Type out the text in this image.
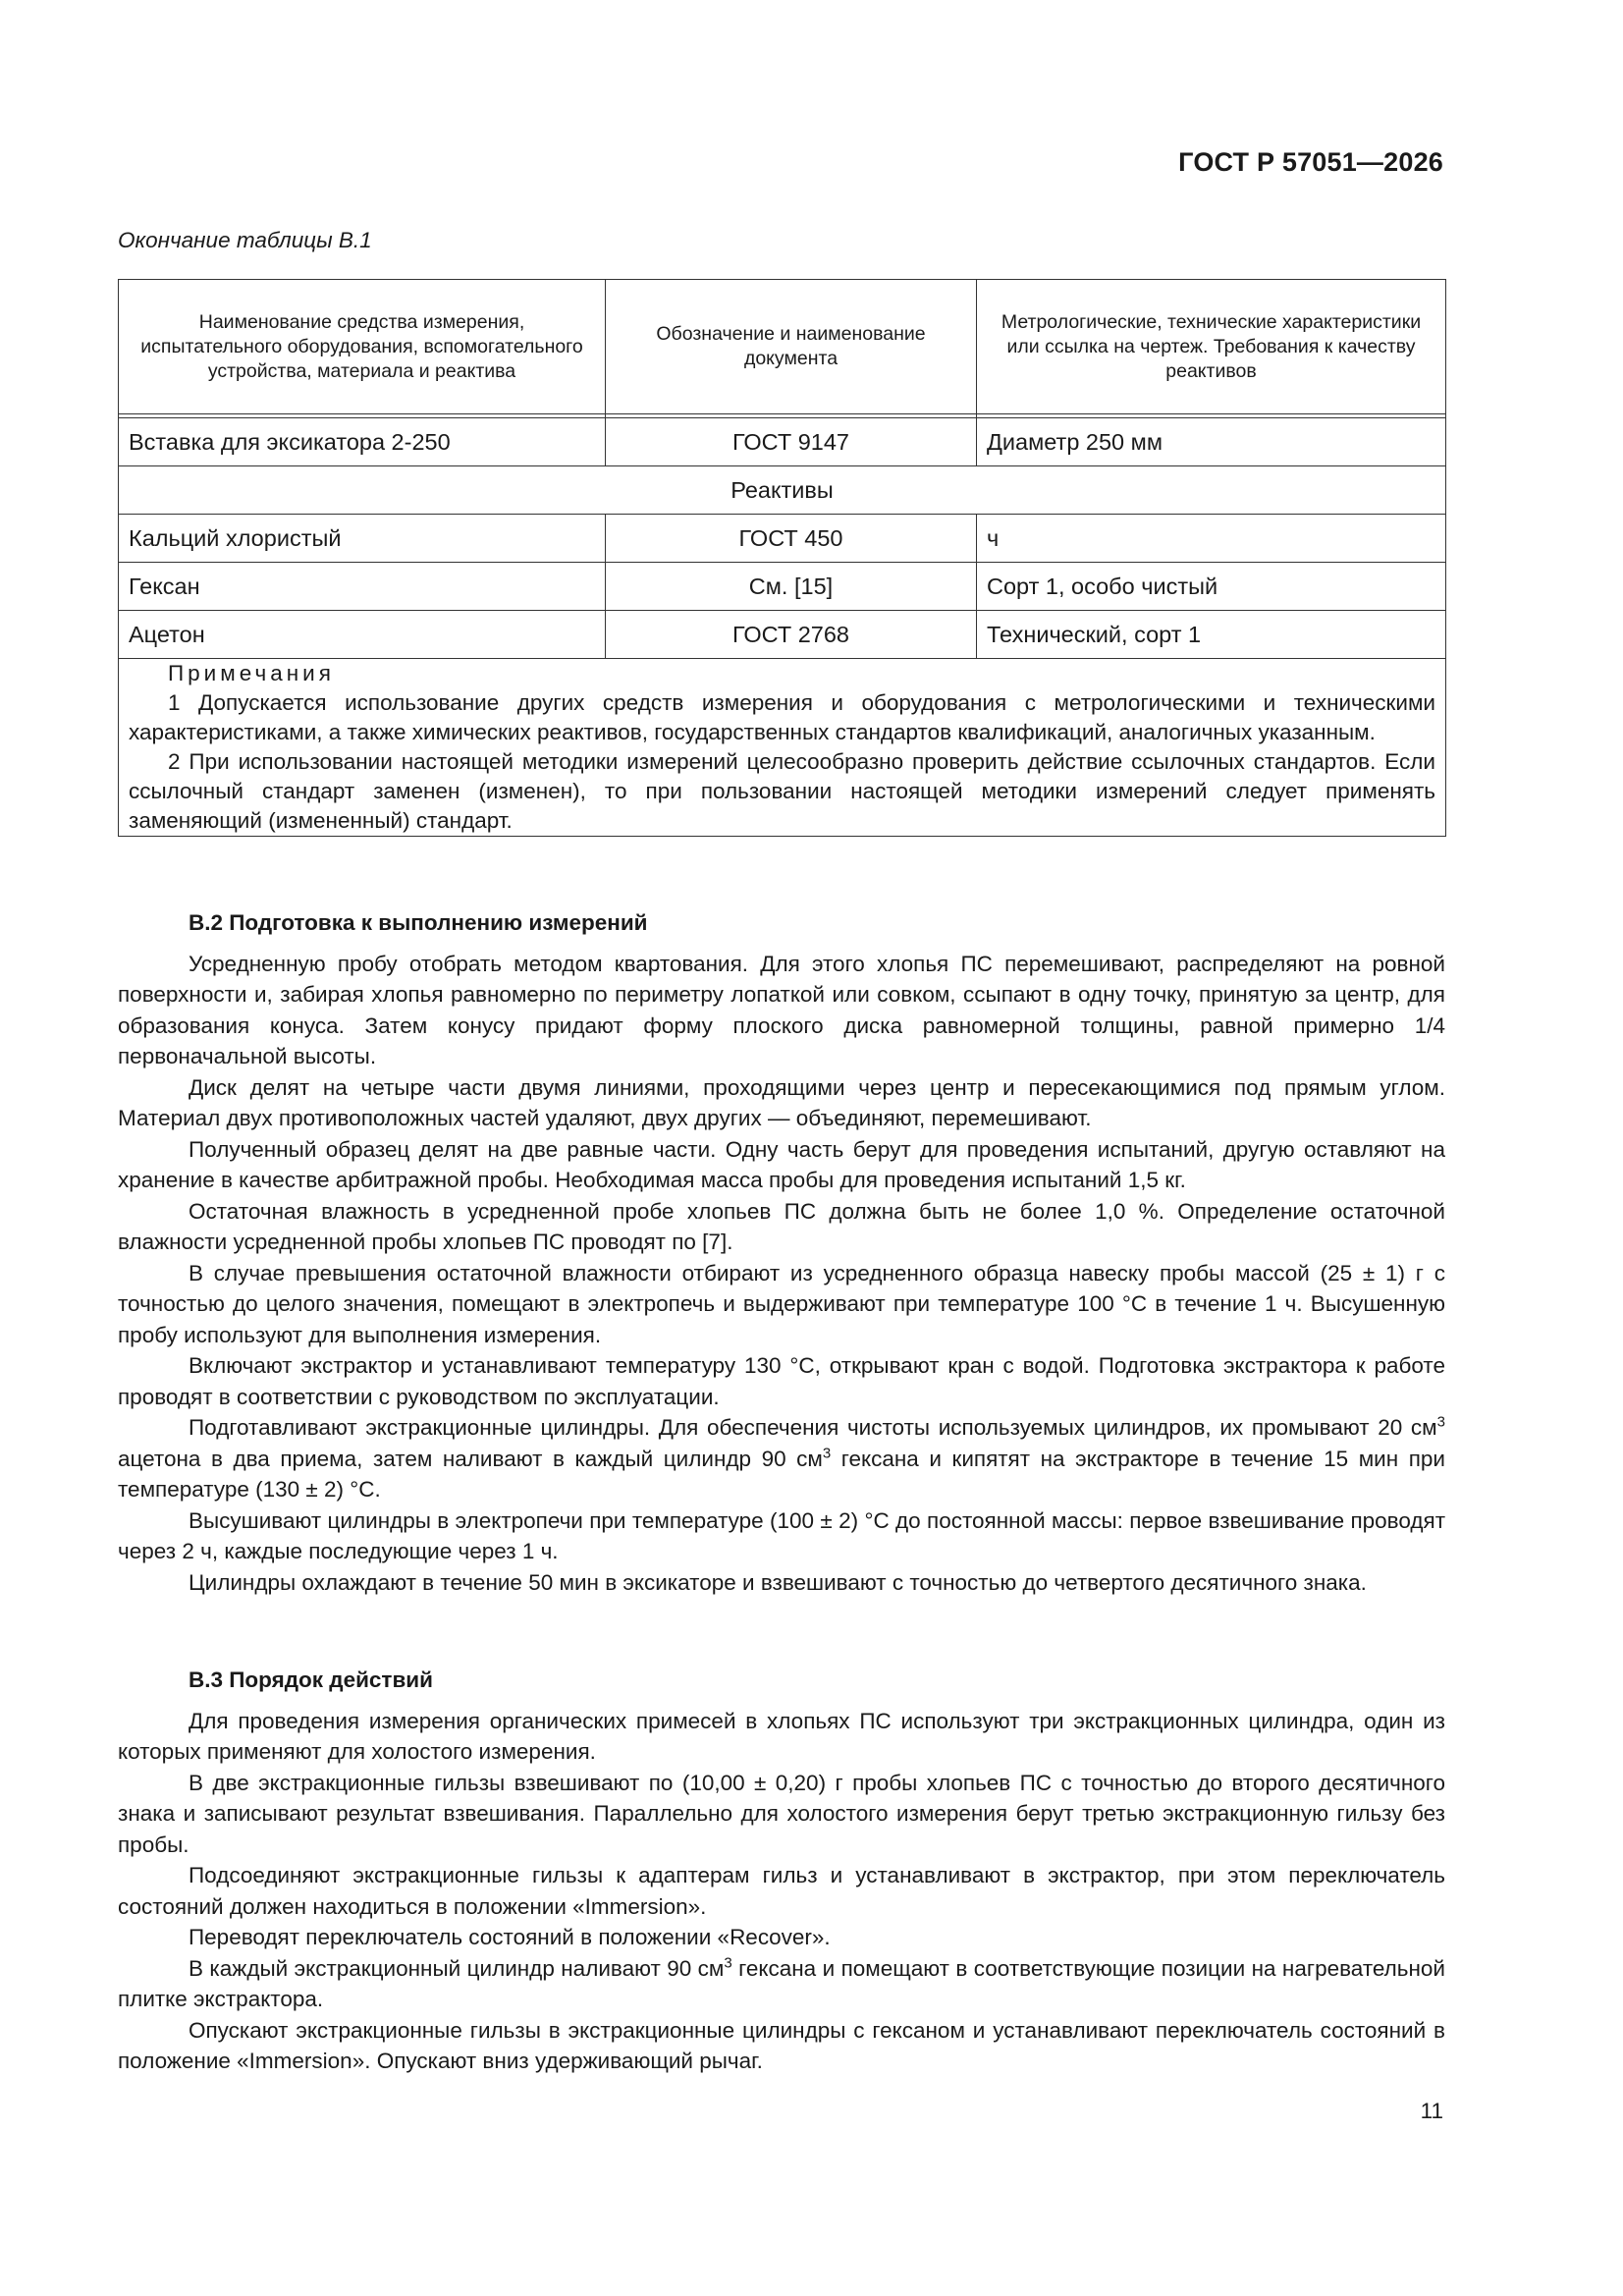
ГОСТ Р 57051—2026
Окончание таблицы В.1
Наименование средства измерения, испытательного оборудования, вспомогательного устройства, материала и реактива	Обозначение и наименование документа	Метрологические, технические характеристики или ссылка на чертеж. Требования к качеству реактивов

Вставка для эксикатора 2-250	ГОСТ 9147	Диаметр 250 мм
Реактивы		
Кальций хлористый	ГОСТ 450	ч
Гексан	См. [15]	Сорт 1, особо чистый
Ацетон	ГОСТ 2768	Технический, сорт 1

Примечания
1 Допускается использование других средств измерения и оборудования с метрологическими и техническими характеристиками, а также химических реактивов, государственных стандартов квалификаций, аналогичных указанным.
2 При использовании настоящей методики измерений целесообразно проверить действие ссылочных стандартов. Если ссылочный стандарт заменен (изменен), то при пользовании настоящей методики измерений следует применять заменяющий (измененный) стандарт.		
В.2 Подготовка к выполнению измерений

Усредненную пробу отобрать методом квартования. Для этого хлопья ПС перемешивают, распределяют на ровной поверхности и, забирая хлопья равномерно по периметру лопаткой или совком, ссыпают в одну точку, принятую за центр, для образования конуса. Затем конусу придают форму плоского диска равномерной толщины, равной примерно 1/4 первоначальной высоты.

Диск делят на четыре части двумя линиями, проходящими через центр и пересекающимися под прямым углом. Материал двух противоположных частей удаляют, двух других — объединяют, перемешивают.

Полученный образец делят на две равные части. Одну часть берут для проведения испытаний, другую оставляют на хранение в качестве арбитражной пробы. Необходимая масса пробы для проведения испытаний 1,5 кг.

Остаточная влажность в усредненной пробе хлопьев ПС должна быть не более 1,0 %. Определение остаточной влажности усредненной пробы хлопьев ПС проводят по [7].

В случае превышения остаточной влажности отбирают из усредненного образца навеску пробы массой (25 ± 1) г с точностью до целого значения, помещают в электропечь и выдерживают при температуре 100 °C в течение 1 ч. Высушенную пробу используют для выполнения измерения.

Включают экстрактор и устанавливают температуру 130 °C, открывают кран с водой. Подготовка экстрактора к работе проводят в соответствии с руководством по эксплуатации.

Подготавливают экстракционные цилиндры. Для обеспечения чистоты используемых цилиндров, их промывают 20 $см^3$ ацетона в два приема, затем наливают в каждый цилиндр 90 $см^3$ гексана и кипятят на экстракторе в течение 15 мин при температуре (130 ± 2) °C.

Высушивают цилиндры в электропечи при температуре (100 ± 2) °C до постоянной массы: первое взвешивание проводят через 2 ч, каждые последующие через 1 ч.

Цилиндры охлаждают в течение 50 мин в эксикаторе и взвешивают с точностью до четвертого десятичного знака.

В.3 Порядок действий

Для проведения измерения органических примесей в хлопьях ПС используют три экстракционных цилиндра, один из которых применяют для холостого измерения.

В две экстракционные гильзы взвешивают по (10,00 ± 0,20) г пробы хлопьев ПС с точностью до второго десятичного знака и записывают результат взвешивания. Параллельно для холостого измерения берут третью экстракционную гильзу без пробы.

Подсоединяют экстракционные гильзы к адаптерам гильз и устанавливают в экстрактор, при этом переключатель состояний должен находиться в положении «Immersion».

Переводят переключатель состояний в положении «Recover».

В каждый экстракционный цилиндр наливают 90 $см^3$ гексана и помещают в соответствующие позиции на нагревательной плитке экстрактора.

Опускают экстракционные гильзы в экстракционные цилиндры с гексаном и устанавливают переключатель состояний в положение «Immersion». Опускают вниз удерживающий рычаг.

11
